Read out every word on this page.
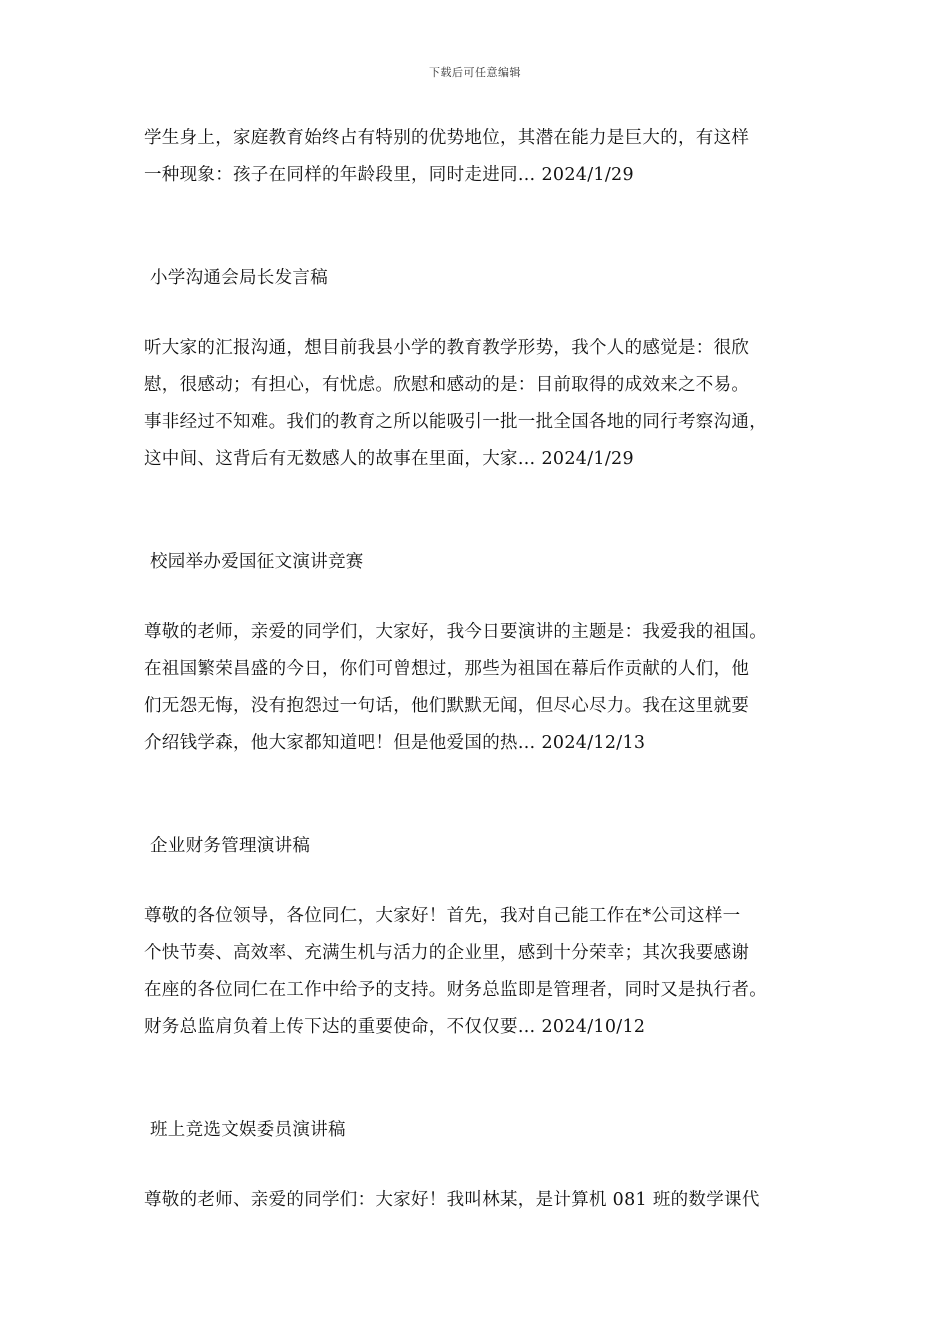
下载后可任意编辑
学生身上，家庭教育始终占有特别的优势地位，其潜在能力是巨大的，有这样
一种现象：孩子在同样的年龄段里，同时走进同… 2024/1/29
小学沟通会局长发言稿
听大家的汇报沟通，想目前我县小学的教育教学形势，我个人的感觉是：很欣
慰，很感动；有担心，有忧虑。欣慰和感动的是：目前取得的成效来之不易。
事非经过不知难。我们的教育之所以能吸引一批一批全国各地的同行考察沟通，
这中间、这背后有无数感人的故事在里面，大家… 2024/1/29
校园举办爱国征文演讲竞赛
尊敬的老师，亲爱的同学们，大家好，我今日要演讲的主题是：我爱我的祖国。
在祖国繁荣昌盛的今日，你们可曾想过，那些为祖国在幕后作贡献的人们，他
们无怨无悔，没有抱怨过一句话，他们默默无闻，但尽心尽力。我在这里就要
介绍钱学森，他大家都知道吧！但是他爱国的热… 2024/12/13
企业财务管理演讲稿
尊敬的各位领导，各位同仁，大家好！首先，我对自己能工作在*公司这样一
个快节奏、高效率、充满生机与活力的企业里，感到十分荣幸；其次我要感谢
在座的各位同仁在工作中给予的支持。财务总监即是管理者，同时又是执行者。
财务总监肩负着上传下达的重要使命，不仅仅要… 2024/10/12
班上竞选文娱委员演讲稿
尊敬的老师、亲爱的同学们：大家好！我叫林某，是计算机 081 班的数学课代
